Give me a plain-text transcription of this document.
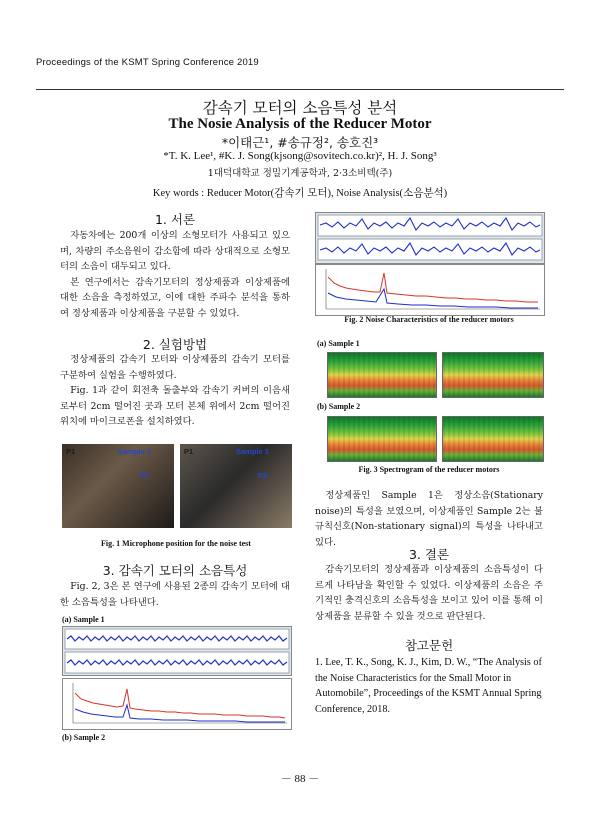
Proceedings of the KSMT Spring Conference 2019
감속기 모터의 소음특성 분석
The Nosie Analysis of the Reducer Motor
*이태근¹, #송규정², 송호진³
*T. K. Lee¹, #K. J. Song(kjsong@sovitech.co.kr)², H. J. Song³
1대덕대학교 정밀기계공학과, 2·3소비텍(주)
Key words : Reducer Motor(감속기 모터), Noise Analysis(소음분석)
1. 서론

자동차에는 200개 이상의 소형모터가 사용되고 있으며, 차량의 주소음원이 감소함에 따라 상대적으로 소형모터의 소음이 대두되고 있다.

본 연구에서는 감속기모터의 정상제품과 이상제품에 대한 소음을 측정하였고, 이에 대한 주파수 분석을 통하여 정상제품과 이상제품을 구분할 수 있었다.

2. 실험방법

정상제품의 감속기 모터와 이상제품의 감속기 모터를 구분하여 실험을 수행하였다.

Fig. 1과 같이 회전축 돌출부와 감속기 커버의 이음새로부터 2cm 떨어진 곳과 모터 본체 위에서 2cm 떨어진 위치에 마이크로폰을 설치하였다.

P1	Sample 1	P1	Sample 1
P2	P2
Fig. 1 Microphone position for the noise test
3. 감속기 모터의 소음특성

Fig. 2, 3은 본 연구에 사용된 2종의 감속기 모터에 대한 소음특성을 나타낸다.

(a) Sample 1
(b) Sample 2
Fig. 2 Noise Characteristics of the reducer motors
(a) Sample 1
(b) Sample 2
Fig. 3 Spectrogram of the reducer motors

정상제품인 Sample 1은 정상소음(Stationary noise)의 특성을 보였으며, 이상제품인 Sample 2는 불규칙신호(Non-stationary signal)의 특성을 나타내고 있다.

3. 결론

감속기모터의 정상제품과 이상제품의 소음특성이 다르게 나타남을 확인할 수 있었다. 이상제품의 소음은 주기적인 충격신호의 소음특성을 보이고 있어 이를 통해 이상제품을 분류할 수 있을 것으로 판단된다.

참고문헌
1. Lee, T. K., Song, K. J., Kim, D. W., “The Analysis of the Noise Characteristics for the Small Motor in Automobile”, Proceedings of the KSMT Annual Spring Conference, 2018.
－ 88 －
